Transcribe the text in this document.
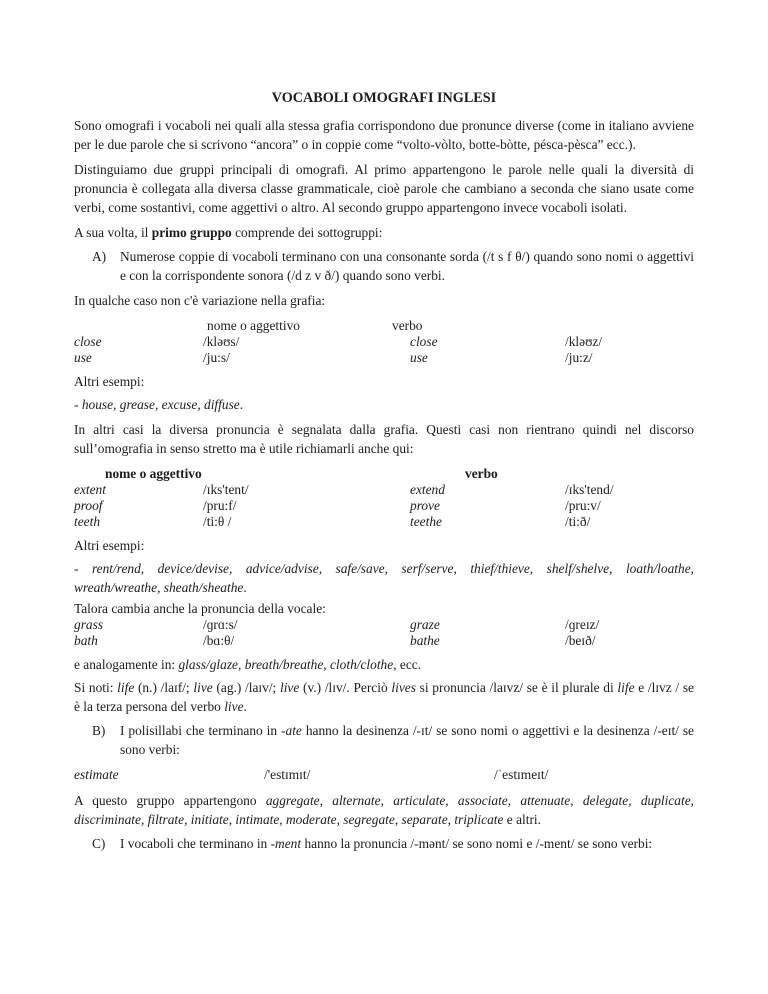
VOCABOLI OMOGRAFI INGLESI

Sono omografi i vocaboli nei quali alla stessa grafia corrispondono due pronunce diverse (come in italiano avviene per le due parole che si scrivono “ancora” o in coppie come “volto-vòlto, botte-bòtte, pésca-pèsca” ecc.).

Distinguiamo due gruppi principali di omografi. Al primo appartengono le parole nelle quali la diversità di pronuncia è collegata alla diversa classe grammaticale, cioè parole che cambiano a seconda che siano usate come verbi, come sostantivi, come aggettivi o altro. Al secondo gruppo appartengono invece vocaboli isolati.

A sua volta, il primo gruppo comprende dei sottogruppi:

A)	Numerose coppie di vocaboli terminano con una consonante sorda (/t s f θ/) quando sono nomi o aggettivi e con la corrispondente sonora (/d z v ð/) quando sono verbi.

In qualche caso non c'è variazione nella grafia:

nome o aggettivo	verbo
close	/kləʊs/	close	/kləʊz/
use	/ju:s/	use	/ju:z/

Altri esempi:

- house, grease, excuse, diffuse.

In altri casi la diversa pronuncia è segnalata dalla grafia. Questi casi non rientrano quindi nel discorso sull’omografia in senso stretto ma è utile richiamarli anche qui:

nome o aggettivo	verbo
extent	/ɪks'tent/	extend	/ɪks'tend/
proof	/pru:f/	prove	/pru:v/
teeth	/ti:θ /	teethe	/ti:ð/

Altri esempi:

- rent/rend, device/devise, advice/advise, safe/save, serf/serve, thief/thieve, shelf/shelve, loath/loathe, wreath/wreathe, sheath/sheathe.

Talora cambia anche la pronuncia della vocale:

grass	/ɡrɑ:s/	graze	/ɡreɪz/
bath	/bɑ:θ/	bathe	/beɪð/

e analogamente in: glass/glaze, breath/breathe, cloth/clothe, ecc.

Si noti: life (n.) /laɪf/; live (ag.) /laɪv/; live (v.) /lɪv/. Perciò lives si pronuncia /laɪvz/ se è il plurale di life e /lɪvz / se è la terza persona del verbo live.

B)	I polisillabi che terminano in -ate hanno la desinenza /-ɪt/ se sono nomi o aggettivi e la desinenza /-eɪt/ se sono verbi:
estimate	/'estɪmɪt/	/ˈestɪmeɪt/

A questo gruppo appartengono aggregate, alternate, articulate, associate, attenuate, delegate, duplicate, discriminate, filtrate, initiate, intimate, moderate, segregate, separate, triplicate e altri.

C)	I vocaboli che terminano in -ment hanno la pronuncia /-mənt/ se sono nomi e /-ment/ se sono verbi:
